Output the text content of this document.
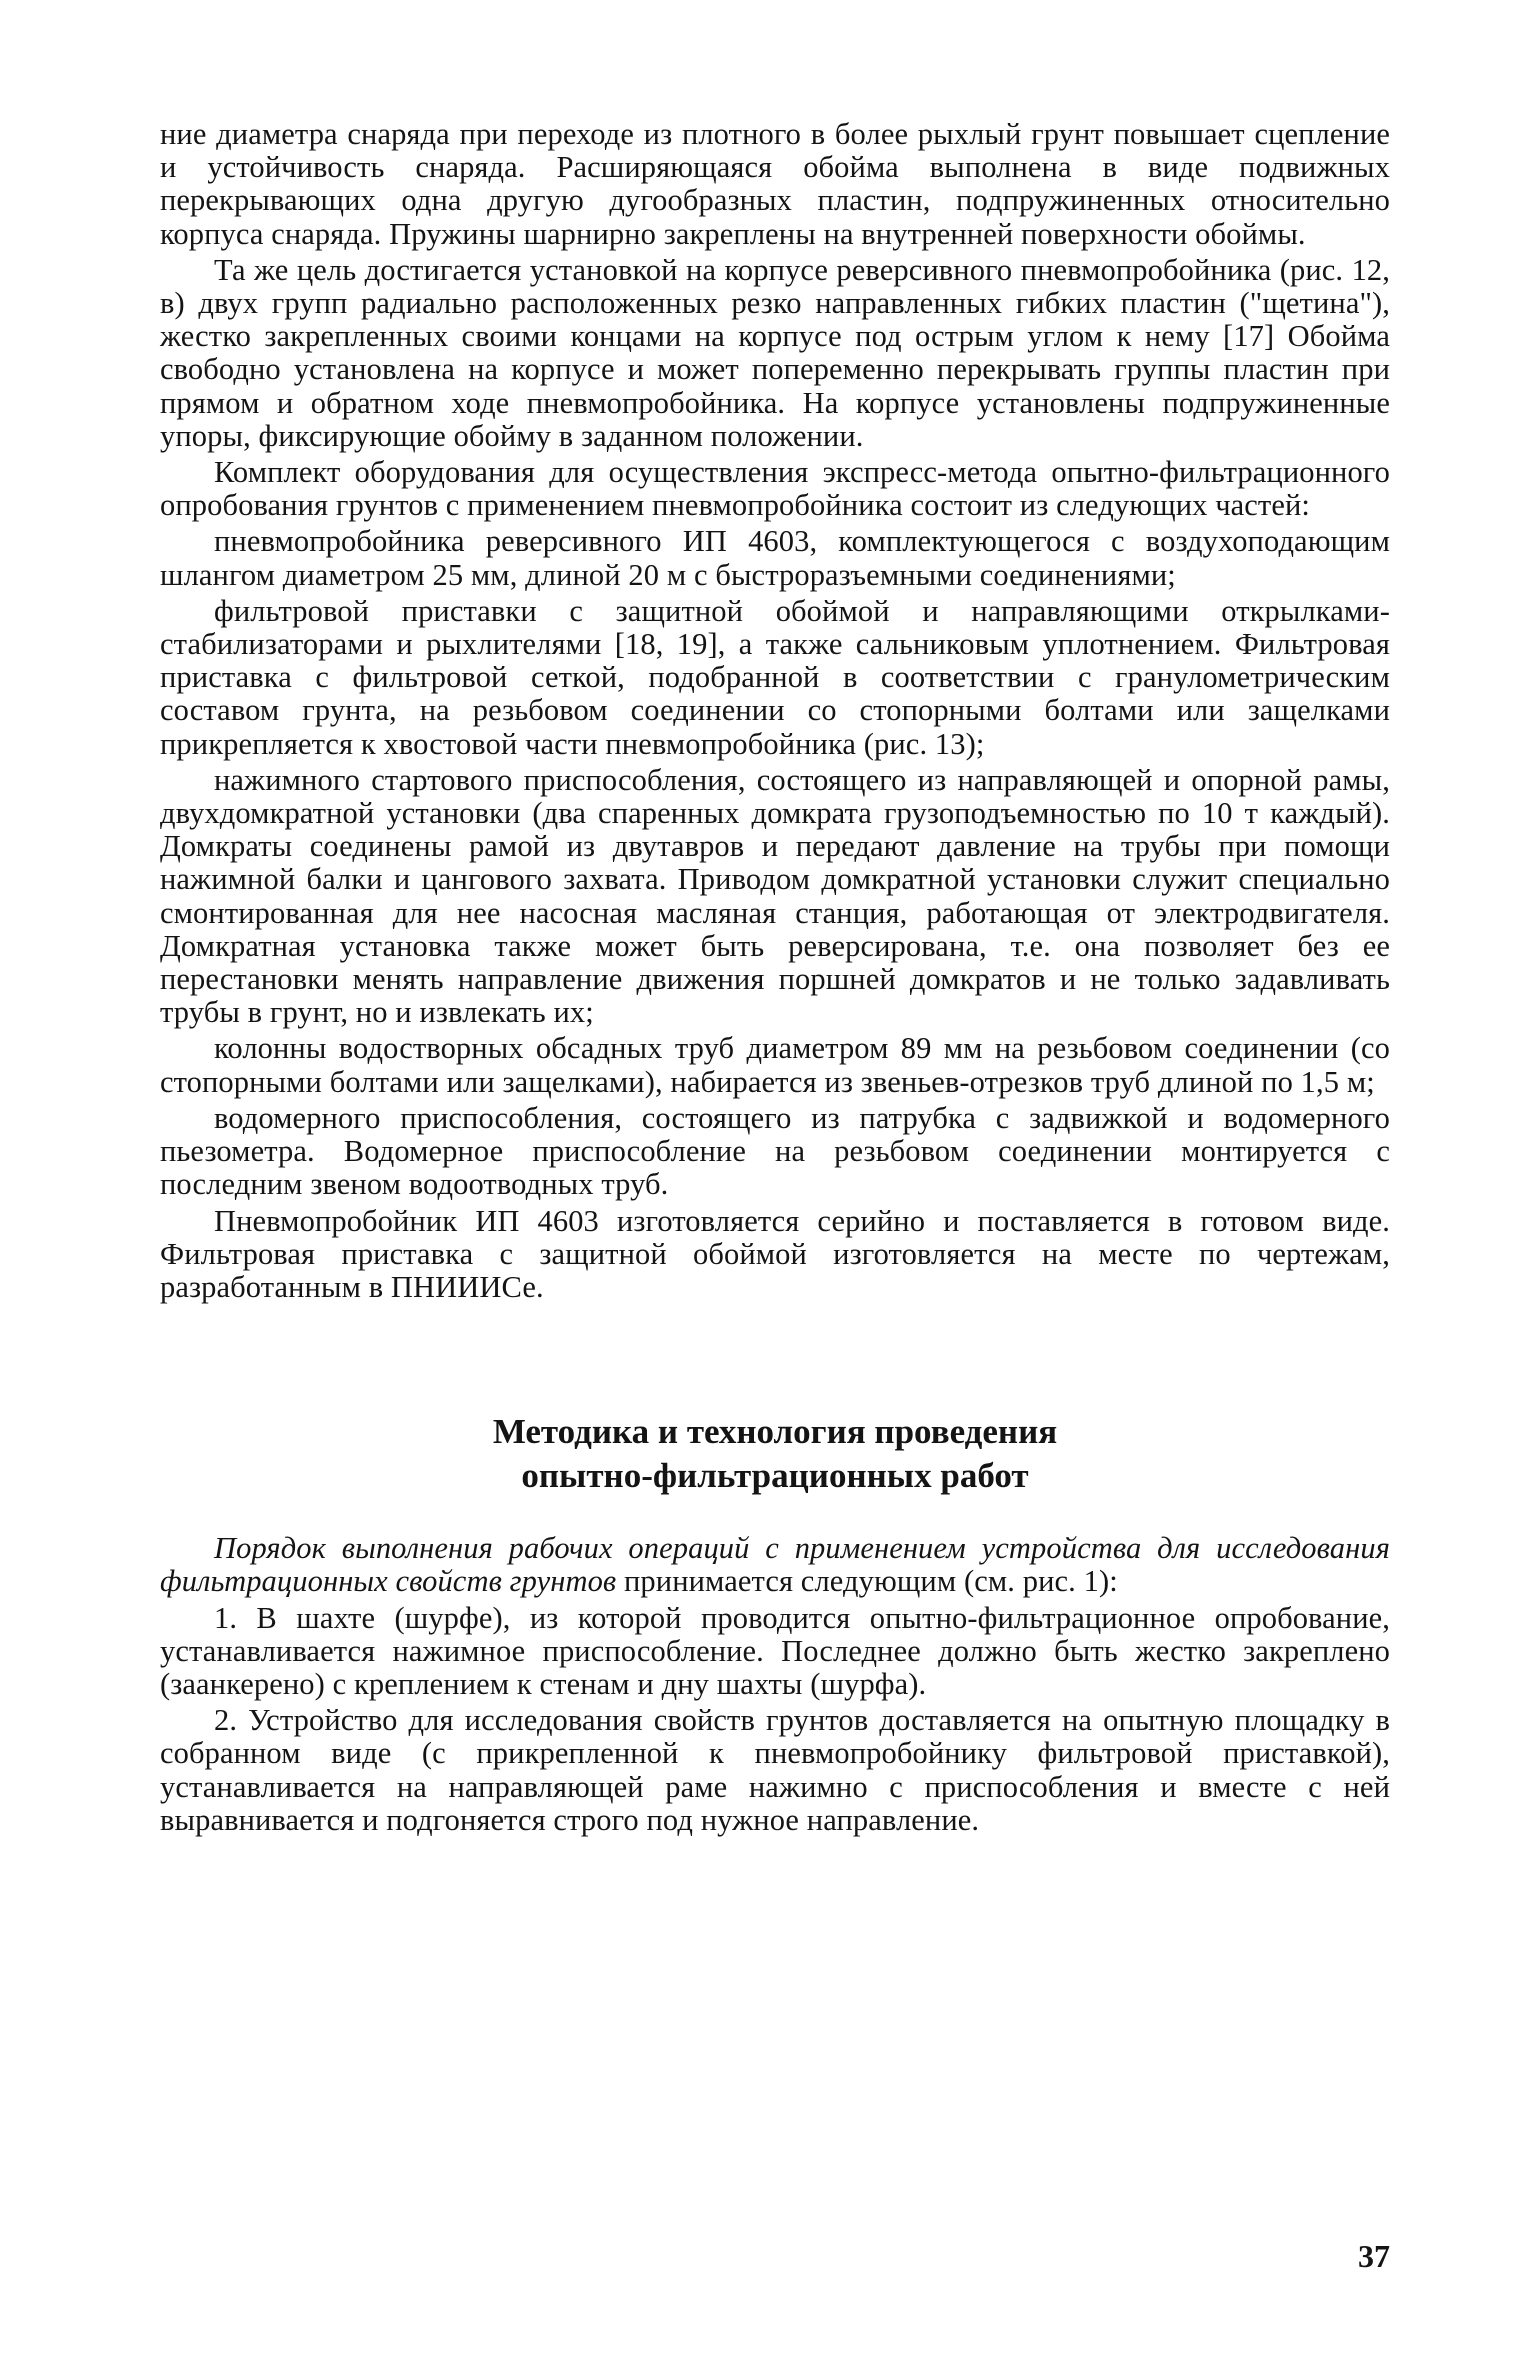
ние диаметра снаряда при переходе из плотного в более рыхлый грунт повышает сцепление и устойчивость снаряда. Расширяющаяся обойма выполнена в виде подвижных перекрывающих одна другую дугообразных пластин, подпружиненных относительно корпуса снаряда. Пружины шарнирно закреплены на внутренней поверхности обоймы.

Та же цель достигается установкой на корпусе реверсивного пневмопробойника (рис. 12, в) двух групп радиально расположенных резко направленных гибких пластин ("щетина"), жестко закрепленных своими концами на корпусе под острым углом к нему [17] Обойма свободно установлена на корпусе и может попеременно перекрывать группы пластин при прямом и обратном ходе пневмопробойника. На корпусе установлены подпружиненные упоры, фиксирующие обойму в заданном положении.

Комплект оборудования для осуществления экспресс-метода опытно-фильтрационного опробования грунтов с применением пневмопробойника состоит из следующих частей:

пневмопробойника реверсивного ИП 4603, комплектующегося с воздухоподающим шлангом диаметром 25 мм, длиной 20 м с быстроразъемными соединениями;

фильтровой приставки с защитной обоймой и направляющими открылками-стабилизаторами и рыхлителями [18, 19], а также сальниковым уплотнением. Фильтровая приставка с фильтровой сеткой, подобранной в соответствии с гранулометрическим составом грунта, на резьбовом соединении со стопорными болтами или защелками прикрепляется к хвостовой части пневмопробойника (рис. 13);

нажимного стартового приспособления, состоящего из направляющей и опорной рамы, двухдомкратной установки (два спаренных домкрата грузоподъемностью по 10 т каждый). Домкраты соединены рамой из двутавров и передают давление на трубы при помощи нажимной балки и цангового захвата. Приводом домкратной установки служит специально смонтированная для нее насосная масляная станция, работающая от электродвигателя. Домкратная установка также может быть реверсирована, т.е. она позволяет без ее перестановки менять направление движения поршней домкратов и не только задавливать трубы в грунт, но и извлекать их;

колонны водостворных обсадных труб диаметром 89 мм на резьбовом соединении (со стопорными болтами или защелками), набирается из звеньев-отрезков труб длиной по 1,5 м;

водомерного приспособления, состоящего из патрубка с задвижкой и водомерного пьезометра. Водомерное приспособление на резьбовом соединении монтируется с последним звеном водоотводных труб.

Пневмопробойник ИП 4603 изготовляется серийно и поставляется в готовом виде. Фильтровая приставка с защитной обоймой изготовляется на месте по чертежам, разработанным в ПНИИИСе.

Методика и технология проведения
опытно-фильтрационных работ

Порядок выполнения рабочих операций с применением устройства для исследования фильтрационных свойств грунтов принимается следующим (см. рис. 1):

1. В шахте (шурфе), из которой проводится опытно-фильтрационное опробование, устанавливается нажимное приспособление. Последнее должно быть жестко закреплено (заанкерено) с креплением к стенам и дну шахты (шурфа).

2. Устройство для исследования свойств грунтов доставляется на опытную площадку в собранном виде (с прикрепленной к пневмопробойнику фильтровой приставкой), устанавливается на направляющей раме нажимно с приспособления и вместе с ней выравнивается и подгоняется строго под нужное направление.

37
